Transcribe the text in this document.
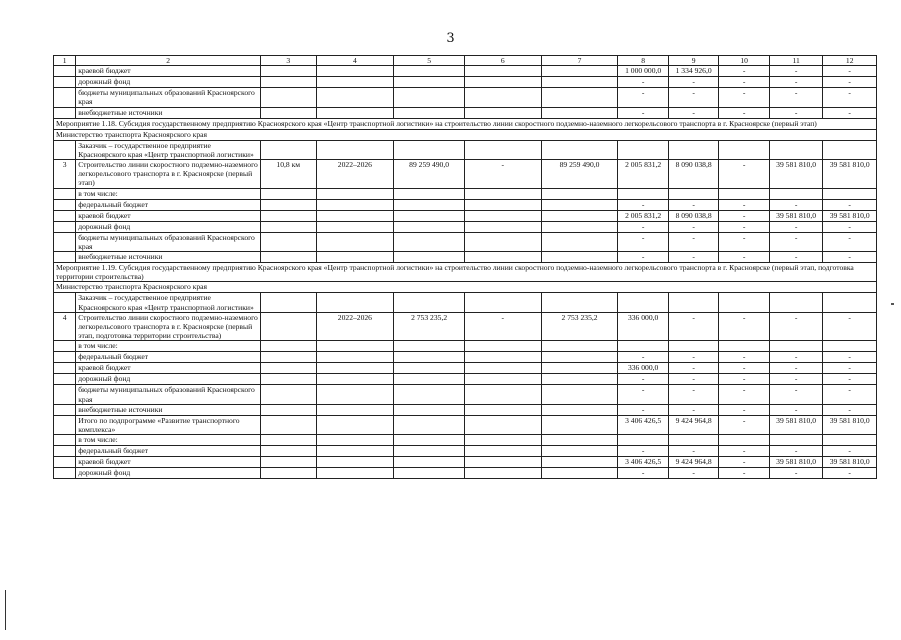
3
1	2	3	4	5	6	7	8	9	10	11	12
	краевой бюджет						1 000 000,0	1 334 926,0	-	-	-
	дорожный фонд						-	-	-	-	-
	бюджеты муниципальных образований Красноярского края						-	-	-	-	-
	внебюджетные источники						-	-	-	-	-
Мероприятие 1.18. Субсидия государственному предприятию Красноярского края «Центр транспортной логистики» на строительство линии скоростного подземно-наземного легкорельсового транспорта в г. Красноярске (первый этап)											
Министерство транспорта Красноярского края											
	Заказчик – государственное предприятие Красноярского края «Центр транспортной логистики»										
3	Строительство линии скоростного подземно-наземного легкорельсового транспорта в г. Красноярске (первый этап)	10,8 км	2022–2026	89 259 490,0	-	89 259 490,0	2 005 831,2	8 090 038,8	-	39 581 810,0	39 581 810,0
	в том числе:										
	федеральный бюджет						-	-	-	-	-
	краевой бюджет						2 005 831,2	8 090 038,8	-	39 581 810,0	39 581 810,0
	дорожный фонд						-	-	-	-	-
	бюджеты муниципальных образований Красноярского края						-	-	-	-	-
	внебюджетные источники						-	-	-	-	-
Мероприятие 1.19. Субсидия государственному предприятию Красноярского края «Центр транспортной логистики» на строительство линии скоростного подземно-наземного легкорельсового транспорта в г. Красноярске (первый этап, подготовка территории строительства)											
Министерство транспорта Красноярского края											
	Заказчик – государственное предприятие Красноярского края «Центр транспортной логистики»										
4	Строительство линии скоростного подземно-наземного легкорельсового транспорта в г. Красноярске (первый этап, подготовка территории строительства)		2022–2026	2 753 235,2	-	2 753 235,2	336 000,0	-	-	-	-
	в том числе:										
	федеральный бюджет						-	-	-	-	-
	краевой бюджет						336 000,0	-	-	-	-
	дорожный фонд						-	-	-	-	-
	бюджеты муниципальных образований Красноярского края						-	-	-	-	-
	внебюджетные источники						-	-	-	-	-
	Итого по подпрограмме «Развитие транспортного комплекса»						3 406 426,5	9 424 964,8	-	39 581 810,0	39 581 810,0
	в том числе:										
	федеральный бюджет						-	-	-	-	-
	краевой бюджет						3 406 426,5	9 424 964,8	-	39 581 810,0	39 581 810,0
	дорожный фонд						-	-	-	-	-
